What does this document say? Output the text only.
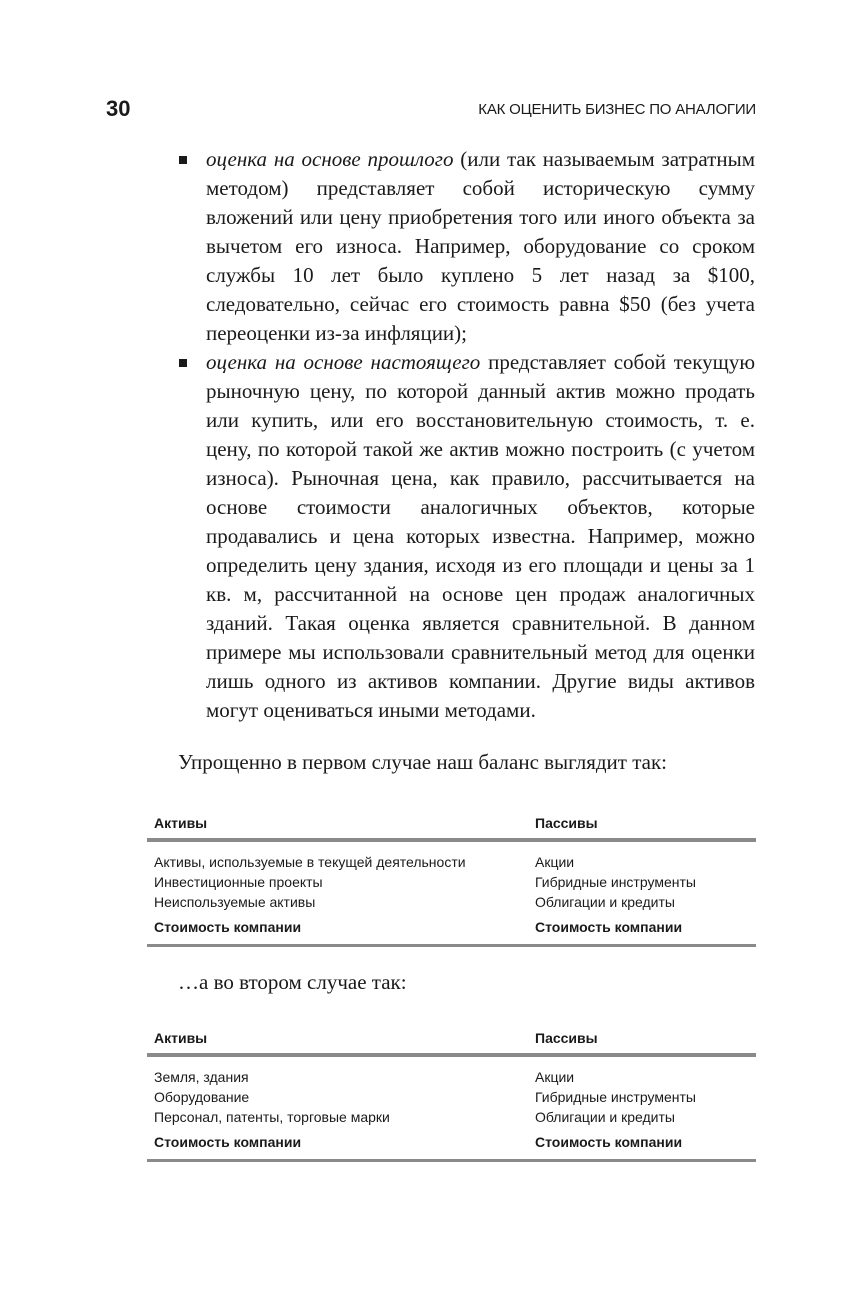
30	КАК ОЦЕНИТЬ БИЗНЕС ПО АНАЛОГИИ

оценка на основе прошлого (или так называемым затратным методом) представляет собой историческую сумму вложений или цену приобретения того или иного объекта за вычетом его износа. Например, оборудование со сроком службы 10 лет было куплено 5 лет назад за $100, следовательно, сейчас его стоимость равна $50 (без учета переоценки из-за инфляции);

оценка на основе настоящего представляет собой текущую рыночную цену, по которой данный актив можно продать или купить, или его восстановительную стоимость, т. е. цену, по которой такой же актив можно построить (с учетом износа). Рыночная цена, как правило, рассчитывается на основе стоимости аналогичных объектов, которые продавались и цена которых известна. Например, можно определить цену здания, исходя из его площади и цены за 1 кв. м, рассчитанной на основе цен продаж аналогичных зданий. Такая оценка является сравнительной. В данном примере мы использовали сравнительный метод для оценки лишь одного из активов компании. Другие виды активов могут оцениваться иными методами.

Упрощенно в первом случае наш баланс выглядит так:
Активы	Пассивы
Активы, используемые в текущей деятельности	Акции
Инвестиционные проекты	Гибридные инструменты
Неиспользуемые активы	Облигации и кредиты
Стоимость компании	Стоимость компании
…а во втором случае так:
Активы	Пассивы
Земля, здания	Акции
Оборудование	Гибридные инструменты
Персонал, патенты, торговые марки	Облигации и кредиты
Стоимость компании	Стоимость компании
